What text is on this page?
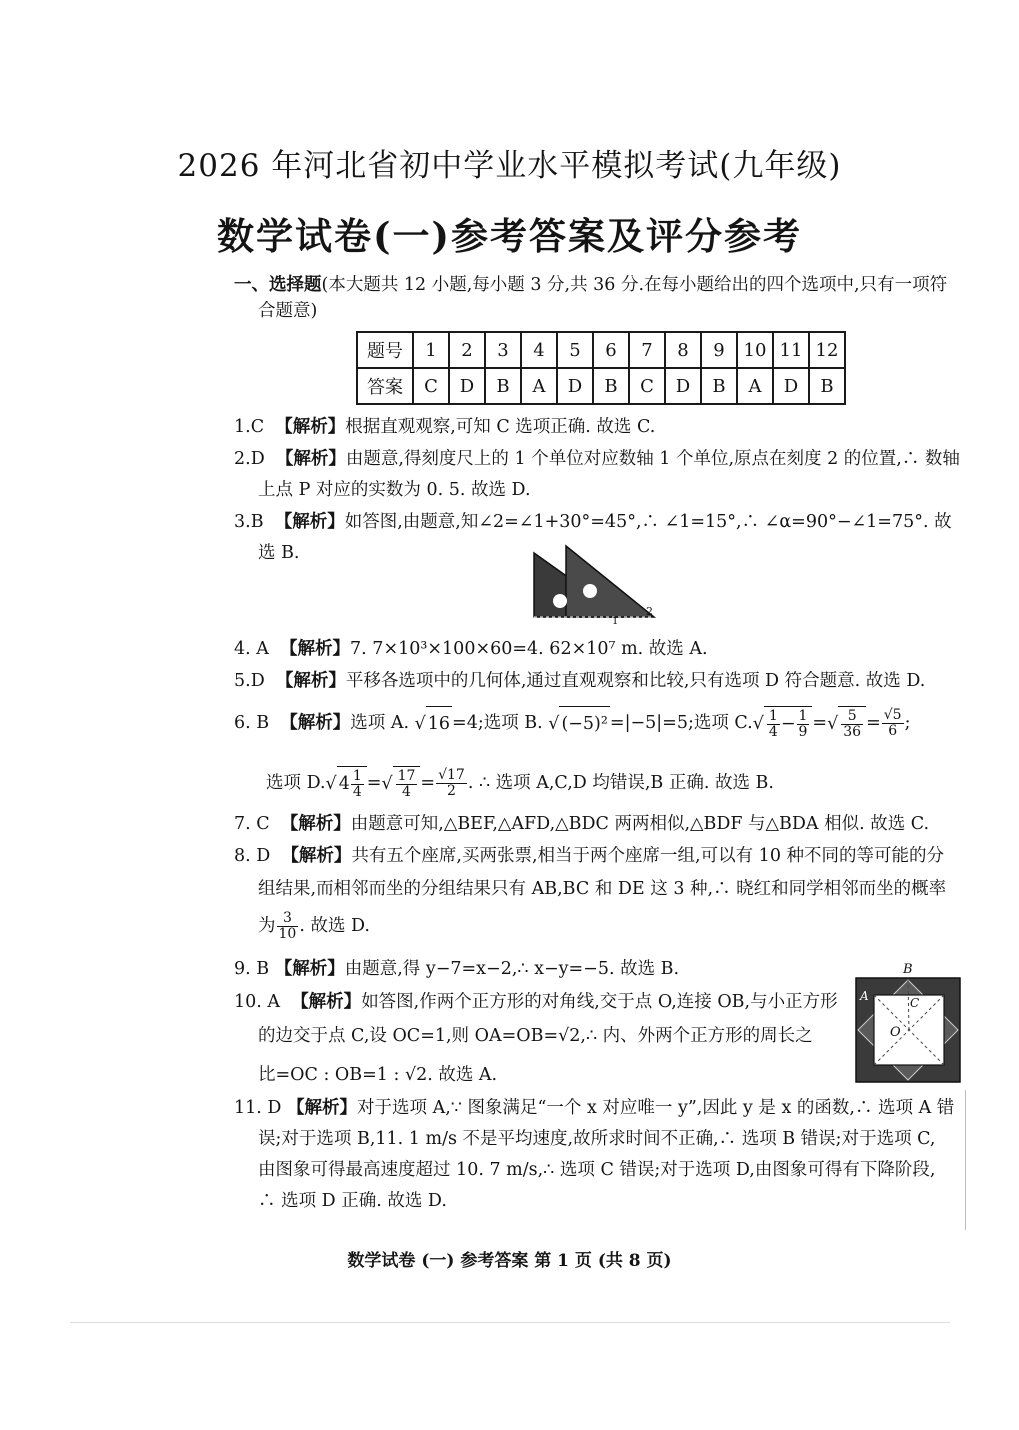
2026 年河北省初中学业水平模拟考试(九年级)
数学试卷(一)参考答案及评分参考
一、选择题(本大题共 12 小题,每小题 3 分,共 36 分.在每小题给出的四个选项中,只有一项符
合题意)
题号	1	2	3	4	5	6	7	8	9	10	11	12
答案	C	D	B	A	D	B	C	D	B	A	D	B
1.C 【解析】根据直观观察,可知 C 选项正确. 故选 C.
2.D 【解析】由题意,得刻度尺上的 1 个单位对应数轴 1 个单位,原点在刻度 2 的位置,∴ 数轴
上点 P 对应的实数为 0. 5. 故选 D.
3.B 【解析】如答图,由题意,知∠2=∠1+30°=45°,∴ ∠1=15°,∴ ∠α=90°−∠1=75°. 故
选 B.
α	1
2
4. A 【解析】7. 7×10³×100×60=4. 62×10⁷ m. 故选 A.
5.D 【解析】平移各选项中的几何体,通过直观观察和比较,只有选项 D 符合题意. 故选 D.
6. B 【解析】选项 A. √ 16 =4;选项 B. √ (−5)² =|−5|=5;选项 $C.√ \frac{1}{4} - \frac{1}{9}$ =√ $\frac{5}{36} = \frac{√5}{6}$ ;
选项 D.√ $4 \frac{1}{4}$ =√ $\frac{17}{4} = \frac{√17}{2}$ . ∴ 选项 A,C,D 均错误,B 正确. 故选 B.
7. C 【解析】由题意可知,△BEF,△AFD,△BDC 两两相似,△BDF 与△BDA 相似. 故选 C.
8. D 【解析】共有五个座席,买两张票,相当于两个座席一组,可以有 10 种不同的等可能的分
组结果,而相邻而坐的分组结果只有 AB,BC 和 DE 这 3 种,∴ 晓红和同学相邻而坐的概率
为 $\frac{3}{10}$ . 故选 D.
9. B 【解析】由题意,得 y−7=x−2,∴ x−y=−5. 故选 B.
10. A 【解析】如答图,作两个正方形的对角线,交于点 O,连接 OB,与小正方形
的边交于点 C,设 OC=1,则 OA=OB=√2,∴ 内、外两个正方形的周长之
比=OC : OB=1 : √2. 故选 A.
B
A	C
O
11. D 【解析】对于选项 A,∵ 图象满足“一个 x 对应唯一 y”,因此 y 是 x 的函数,∴ 选项 A 错
误;对于选项 B,11. 1 m/s 不是平均速度,故所求时间不正确,∴ 选项 B 错误;对于选项 C,
由图象可得最高速度超过 10. 7 m/s,∴ 选项 C 错误;对于选项 D,由图象可得有下降阶段,
∴ 选项 D 正确. 故选 D.
数学试卷 (一) 参考答案 第 1 页 (共 8 页)
